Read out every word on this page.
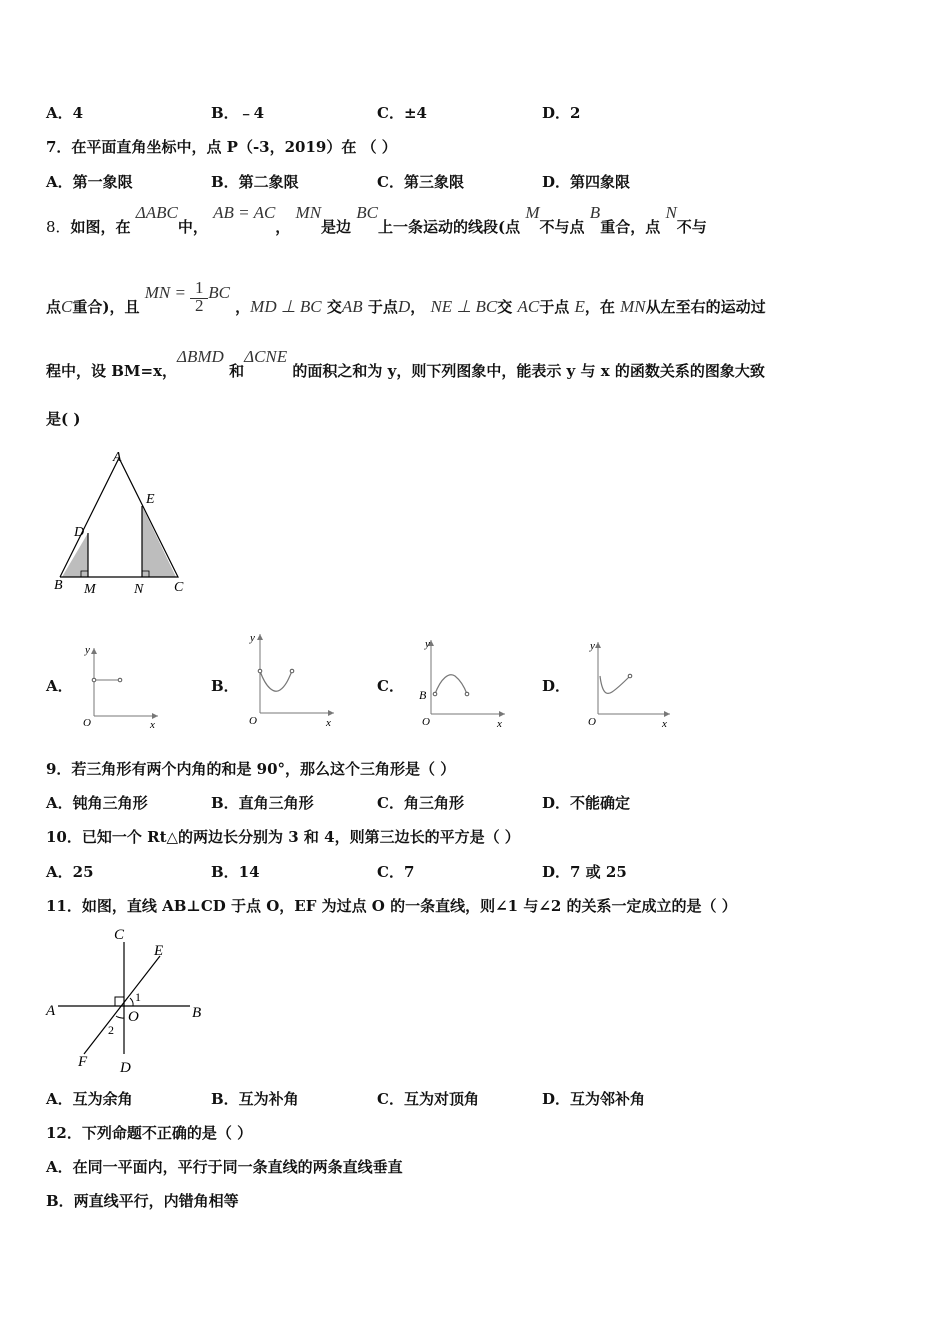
A．4	B．﹣4	C．±4	D．2
7．在平面直角坐标中，点 P（-3，2019）在 （ ）
A．第一象限	B．第二象限	C．第三象限	D．第四象限
8．如图，在 ΔABC中， AB = AC， MN是边 BC上一条运动的线段(点 M不与点 B重合，点 N不与
点C重合)，且 MN = $\frac{1}{2}$ BC ，MD ⊥ BC 交AB 于点D， NE ⊥ BC交 AC于点 E，在 MN从左至右的运动过
程中，设 BM=x，ΔBMD 和ΔCNE 的面积之和为 y，则下列图象中，能表示 y 与 x 的函数关系的图象大致
是( )
A
E
D
B M	N C
A．	B．	C．	D．
y
O	x
y
O	x
y
B
O	x
y
O	x
9．若三角形有两个内角的和是 90°，那么这个三角形是（ ）
A．钝角三角形	B．直角三角形	C．角三角形	D．不能确定
10．已知一个 Rt△的两边长分别为 3 和 4，则第三边长的平方是（ ）
A．25	B．14	C．7	D．7 或 25
11．如图，直线 AB⊥CD 于点 O，EF 为过点 O 的一条直线，则∠1 与∠2 的关系一定成立的是（ ）
C
E
A	B
O
1
2
F D
A．互为余角	B．互为补角	C．互为对顶角	D．互为邻补角
12．下列命题不正确的是（ ）
A．在同一平面内，平行于同一条直线的两条直线垂直
B．两直线平行，内错角相等
